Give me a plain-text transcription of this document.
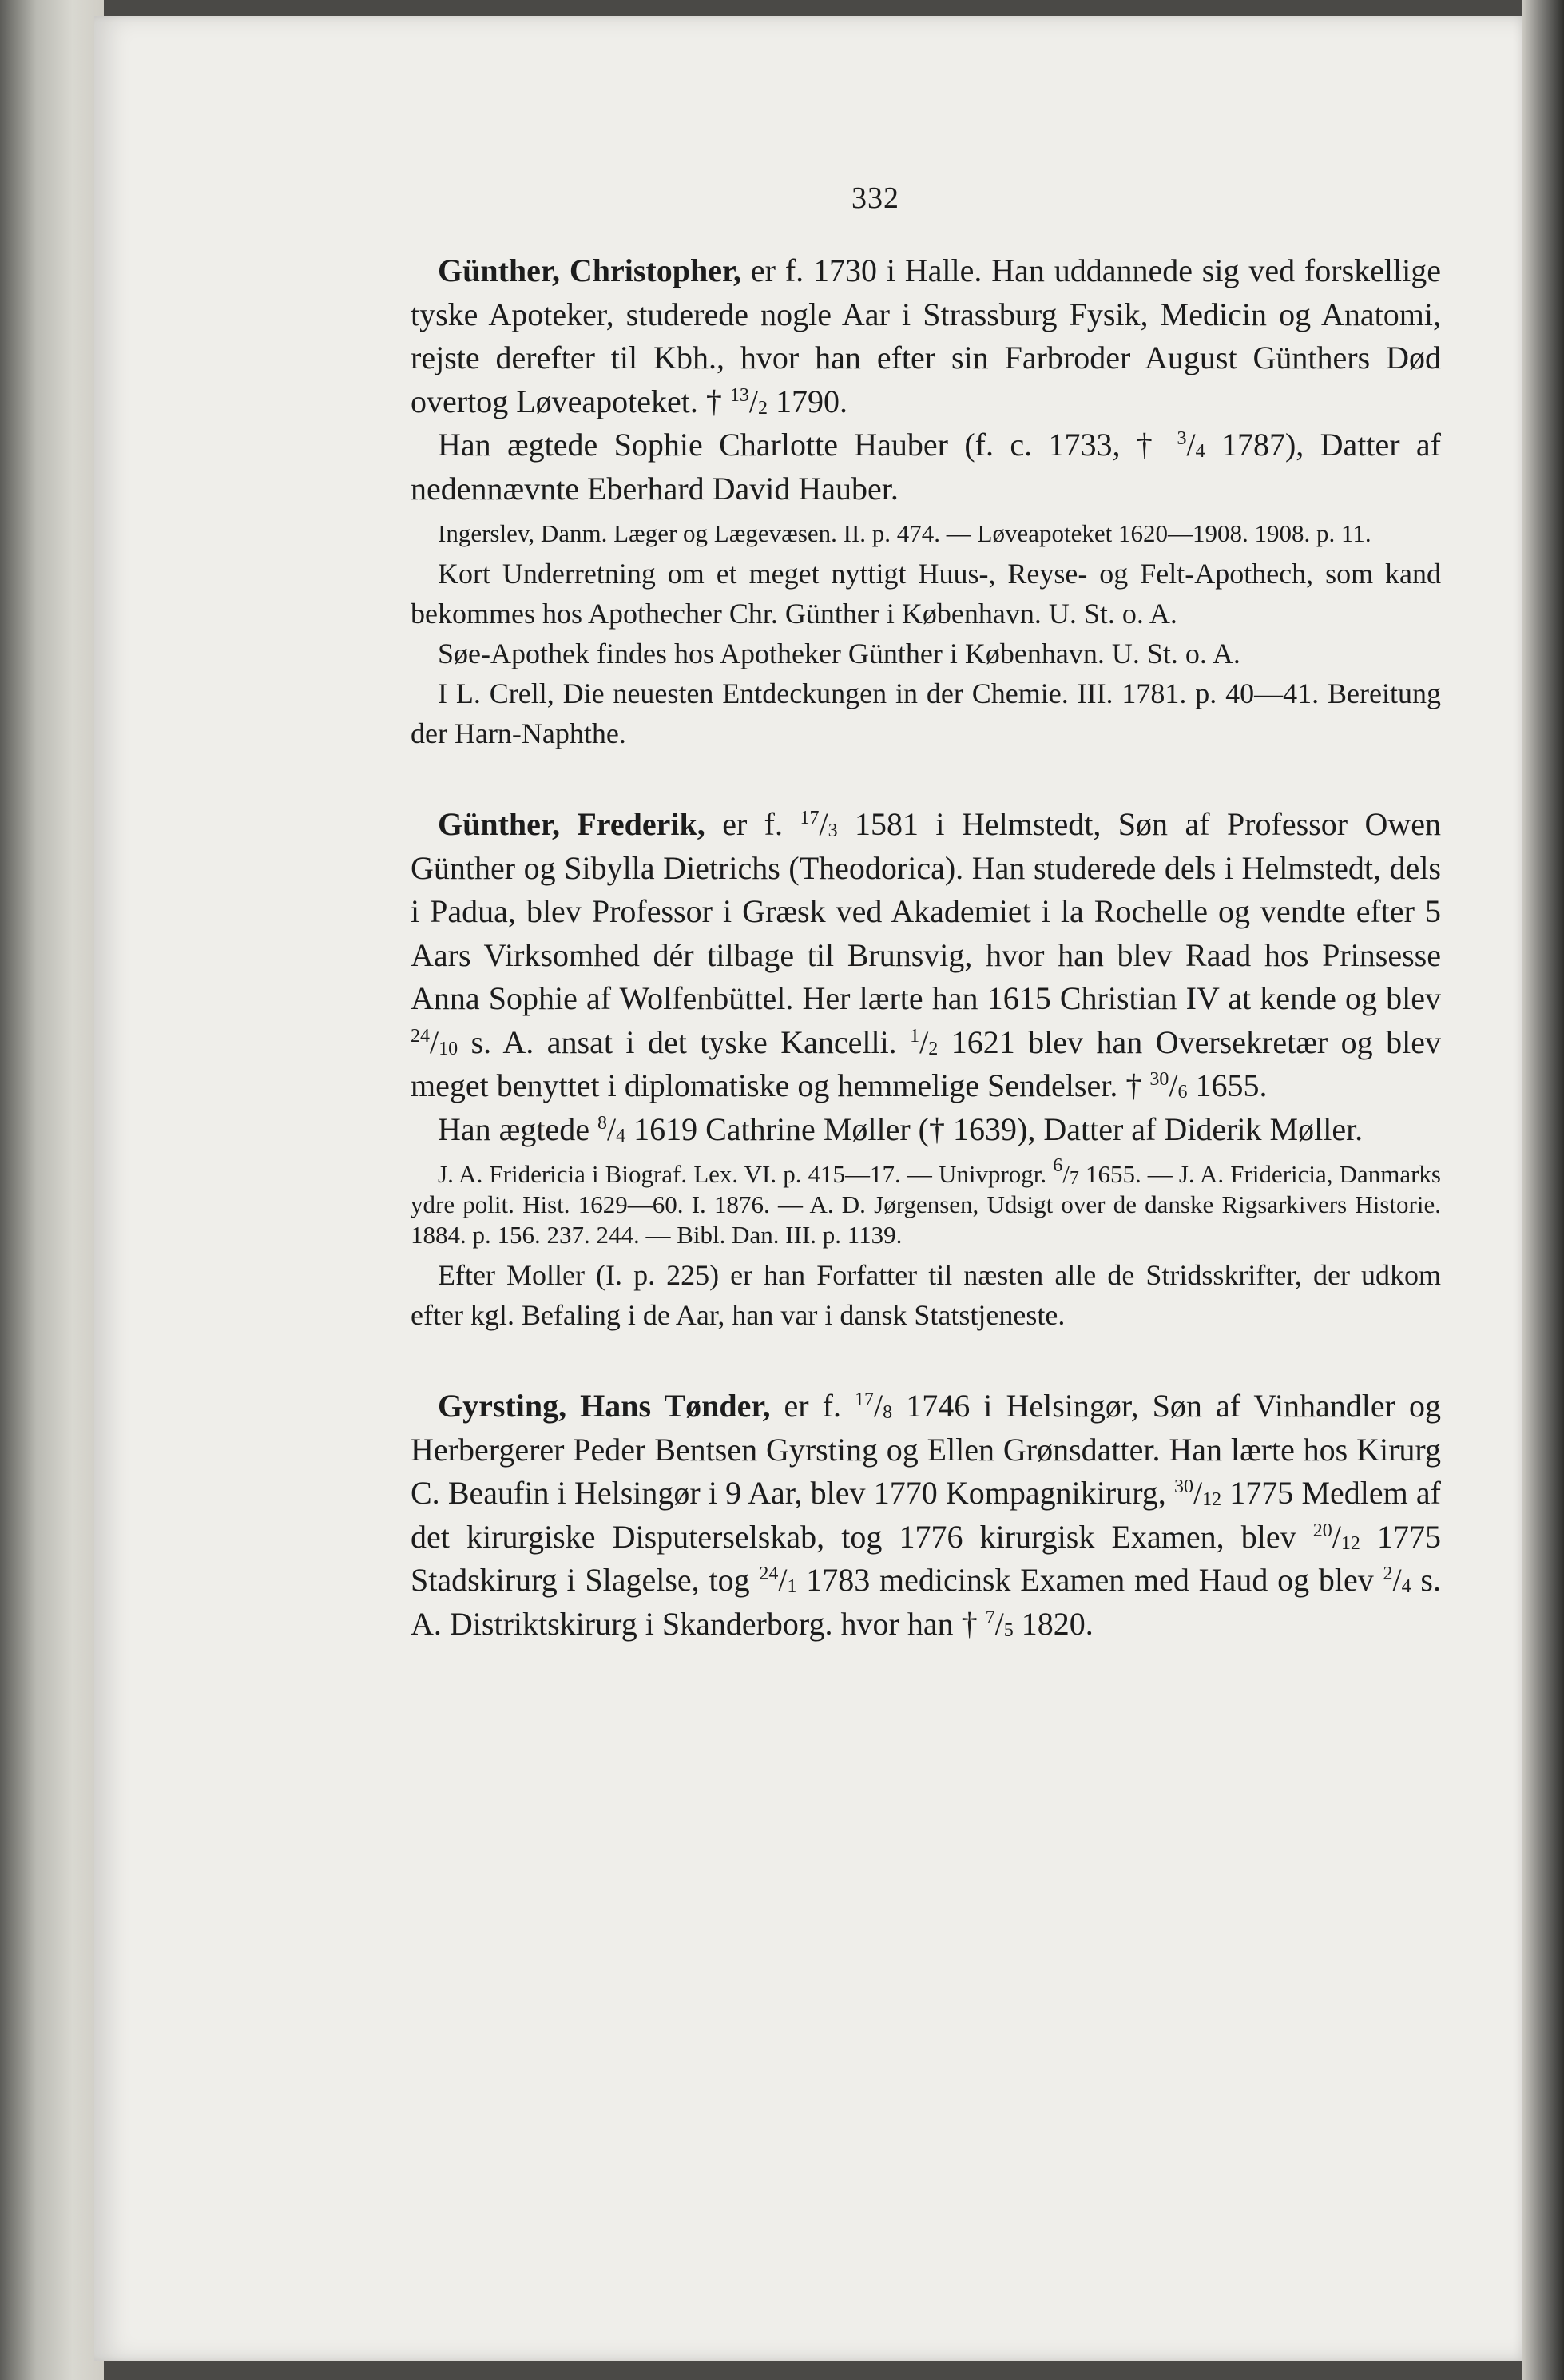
332

Günther, Christopher, er f. 1730 i Halle. Han uddannede sig ved forskellige tyske Apoteker, studerede nogle Aar i Strassburg Fysik, Medicin og Anatomi, rejste derefter til Kbh., hvor han efter sin Farbroder August Günthers Død overtog Løveapoteket. † $^{13}/_2$ 1790.

Han ægtede Sophie Charlotte Hauber (f. c. 1733, † $^3/_4$ 1787), Datter af nedennævnte Eberhard David Hauber.

Ingerslev, Danm. Læger og Lægevæsen. II. p. 474. — Løveapoteket 1620—1908. 1908. p. 11.

Kort Underretning om et meget nyttigt Huus-, Reyse- og Felt-Apothech, som kand bekommes hos Apothecher Chr. Günther i København. U. St. o. A.

Søe-Apothek findes hos Apotheker Günther i København. U. St. o. A.

I L. Crell, Die neuesten Entdeckungen in der Chemie. III. 1781. p. 40—41. Bereitung der Harn-Naphthe.

Günther, Frederik, er f. $^{17}/_3$ 1581 i Helmstedt, Søn af Professor Owen Günther og Sibylla Dietrichs (Theodorica). Han studerede dels i Helmstedt, dels i Padua, blev Professor i Græsk ved Akademiet i la Rochelle og vendte efter 5 Aars Virksomhed dér tilbage til Brunsvig, hvor han blev Raad hos Prinsesse Anna Sophie af Wolfenbüttel. Her lærte han 1615 Christian IV at kende og blev $^{24}/_{10}$ s. A. ansat i det tyske Kancelli. $^1/_2$ 1621 blev han Oversekretær og blev meget benyttet i diplomatiske og hemmelige Sendelser. † $^{30}/_6$ 1655.

Han ægtede $^8/_4$ 1619 Cathrine Møller († 1639), Datter af Diderik Møller.

J. A. Fridericia i Biograf. Lex. VI. p. 415—17. — Univprogr. $^6/_7$ 1655. — J. A. Fridericia, Danmarks ydre polit. Hist. 1629—60. I. 1876. — A. D. Jørgensen, Udsigt over de danske Rigsarkivers Historie. 1884. p. 156. 237. 244. — Bibl. Dan. III. p. 1139.

Efter Moller (I. p. 225) er han Forfatter til næsten alle de Stridsskrifter, der udkom efter kgl. Befaling i de Aar, han var i dansk Statstjeneste.

Gyrsting, Hans Tønder, er f. $^{17}/_8$ 1746 i Helsingør, Søn af Vinhandler og Herbergerer Peder Bentsen Gyrsting og Ellen Grønsdatter. Han lærte hos Kirurg C. Beaufin i Helsingør i 9 Aar, blev 1770 Kompagnikirurg, $^{30}/_{12}$ 1775 Medlem af det kirurgiske Disputerselskab, tog 1776 kirurgisk Examen, blev $^{20}/_{12}$ 1775 Stadskirurg i Slagelse, tog $^{24}/_1$ 1783 medicinsk Examen med Haud og blev $^2/_4$ s. A. Distriktskirurg i Skanderborg. hvor han † $^7/_5$ 1820.
